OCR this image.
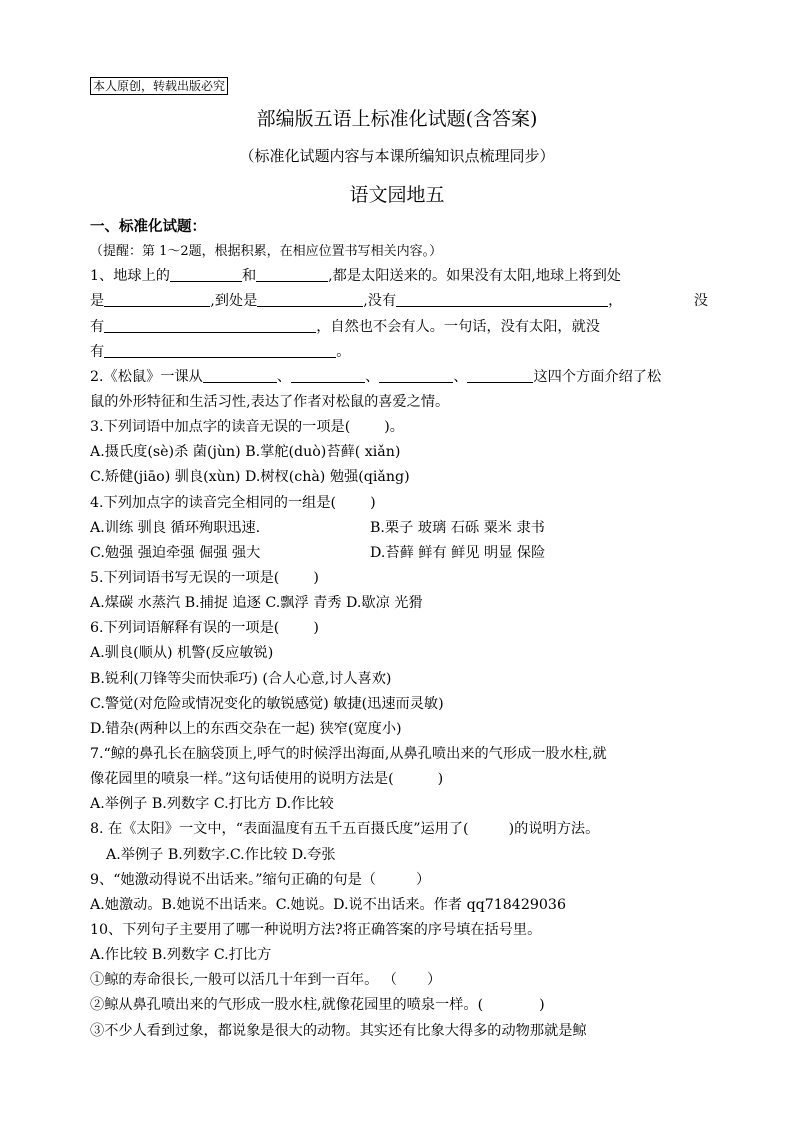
本人原创，转载出版必究
部编版五语上标准化试题(含答案)
（标准化试题内容与本课所编知识点梳理同步）
语文园地五
一、标准化试题：
（提醒：第 1～2题，根据积累，在相应位置书写相关内容。）
1、地球上的	和	,都是太阳送来的。如果没有太阳,地球上将到处
是	,到处是	,没有	，	没
有	，自然也不会有人。一句话，没有太阳，就没
有	。
2.《松鼠》一课从	、	、	、	这四个方面介绍了松
鼠的外形特征和生活习性,表达了作者对松鼠的喜爱之情。
3.下列词语中加点字的读音无误的一项是( )。
A.摄氏度(sè)杀 菌(jùn) B.掌舵(duò)苔藓( xiǎn)
C.矫健(jiāo) 驯良(xùn) D.树杈(chà) 勉强(qiǎng)
4.下列加点字的读音完全相同的一组是( )
A.训练 驯良 循环殉职迅速.	B.栗子 玻璃 石砾 粟米 隶书
C.勉强 强迫牵强 倔强 强大	D.苔藓 鲜有 鲜见 明显 保险
5.下列词语书写无误的一项是( )
A.煤碳 水蒸汽 B.捕捉 追逐 C.飘浮 青秀 D.歇凉 光猾
6.下列词语解释有误的一项是( )
A.驯良(顺从) 机警(反应敏锐)
B.锐利(刀锋等尖而快乖巧) (合人心意,讨人喜欢)
C.警觉(对危险或情况变化的敏锐感觉) 敏捷(迅速而灵敏)
D.错杂(两种以上的东西交杂在一起) 狭窄(宽度小)
7.“鲸的鼻孔长在脑袋顶上,呼气的时候浮出海面,从鼻孔喷出来的气形成一股水柱,就
像花园里的喷泉一样。”这句话使用的说明方法是(	)
A.举例子 B.列数字 C.打比方 D.作比较
8. 在《太阳》一文中，“表面温度有五千五百摄氏度”运用了(	)的说明方法。
A.举例子 B.列数字.C.作比较 D.夸张
9、“她激动得说不出话来。”缩句正确的句是（	）
A.她激动。B.她说不出话来。C.她说。D.说不出话来。作者 qq718429036
10、下列句子主要用了哪一种说明方法?将正确答案的序号填在括号里。
A.作比较 B.列数字 C.打比方
①鲸的寿命很长,一般可以活几十年到一百年。 （ ）
②鲸从鼻孔喷出来的气形成一股水柱,就像花园里的喷泉一样。(	)
③不少人看到过象，都说象是很大的动物。其实还有比象大得多的动物那就是鲸
